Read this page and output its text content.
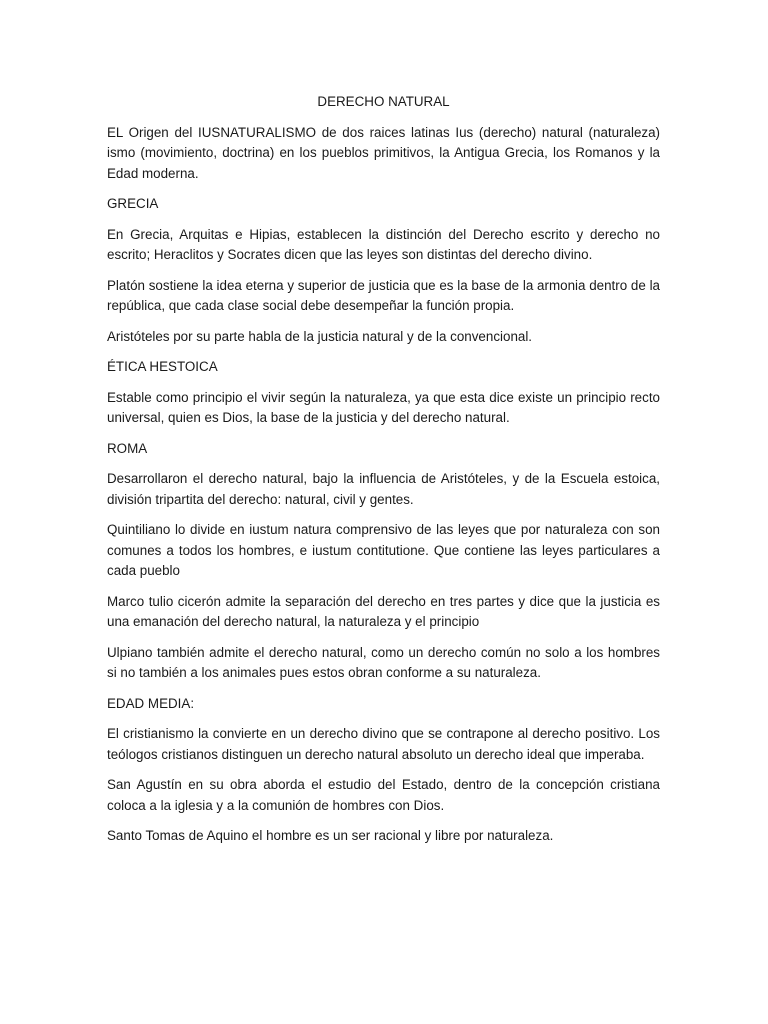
DERECHO NATURAL

EL Origen del IUSNATURALISMO de dos raices latinas Ius (derecho) natural (naturaleza) ismo (movimiento, doctrina) en los pueblos primitivos, la Antigua Grecia, los Romanos y la Edad moderna.

GRECIA

En Grecia, Arquitas e Hipias, establecen la distinción del Derecho escrito y derecho no escrito; Heraclitos y Socrates dicen que las leyes son distintas del derecho divino.

Platón sostiene la idea eterna y superior de justicia que es la base de la armonia dentro de la república, que cada clase social debe desempeñar la función propia.

Aristóteles por su parte habla de la justicia natural y de la convencional.

ÉTICA HESTOICA

Estable como principio el vivir según la naturaleza, ya que esta dice existe un principio recto universal, quien es Dios, la base de la justicia y del derecho natural.

ROMA

Desarrollaron el derecho natural, bajo la influencia de Aristóteles, y de la Escuela estoica, división tripartita del derecho: natural, civil y gentes.

Quintiliano lo divide en iustum natura comprensivo de las leyes que por naturaleza con son comunes a todos los hombres, e iustum contitutione. Que contiene las leyes particulares a cada pueblo

Marco tulio cicerón admite la separación del derecho en tres partes y dice que la justicia es una emanación del derecho natural, la naturaleza y el principio

Ulpiano también admite el derecho natural, como un derecho común no solo a los hombres si no también a los animales pues estos obran conforme a su naturaleza.

EDAD MEDIA:

El cristianismo la convierte en un derecho divino que se contrapone al derecho positivo. Los teólogos cristianos distinguen un derecho natural absoluto un derecho ideal que imperaba.

San Agustín en su obra aborda el estudio del Estado, dentro de la concepción cristiana coloca a la iglesia y a la comunión de hombres con Dios.

Santo Tomas de Aquino el hombre es un ser racional y libre por naturaleza.
